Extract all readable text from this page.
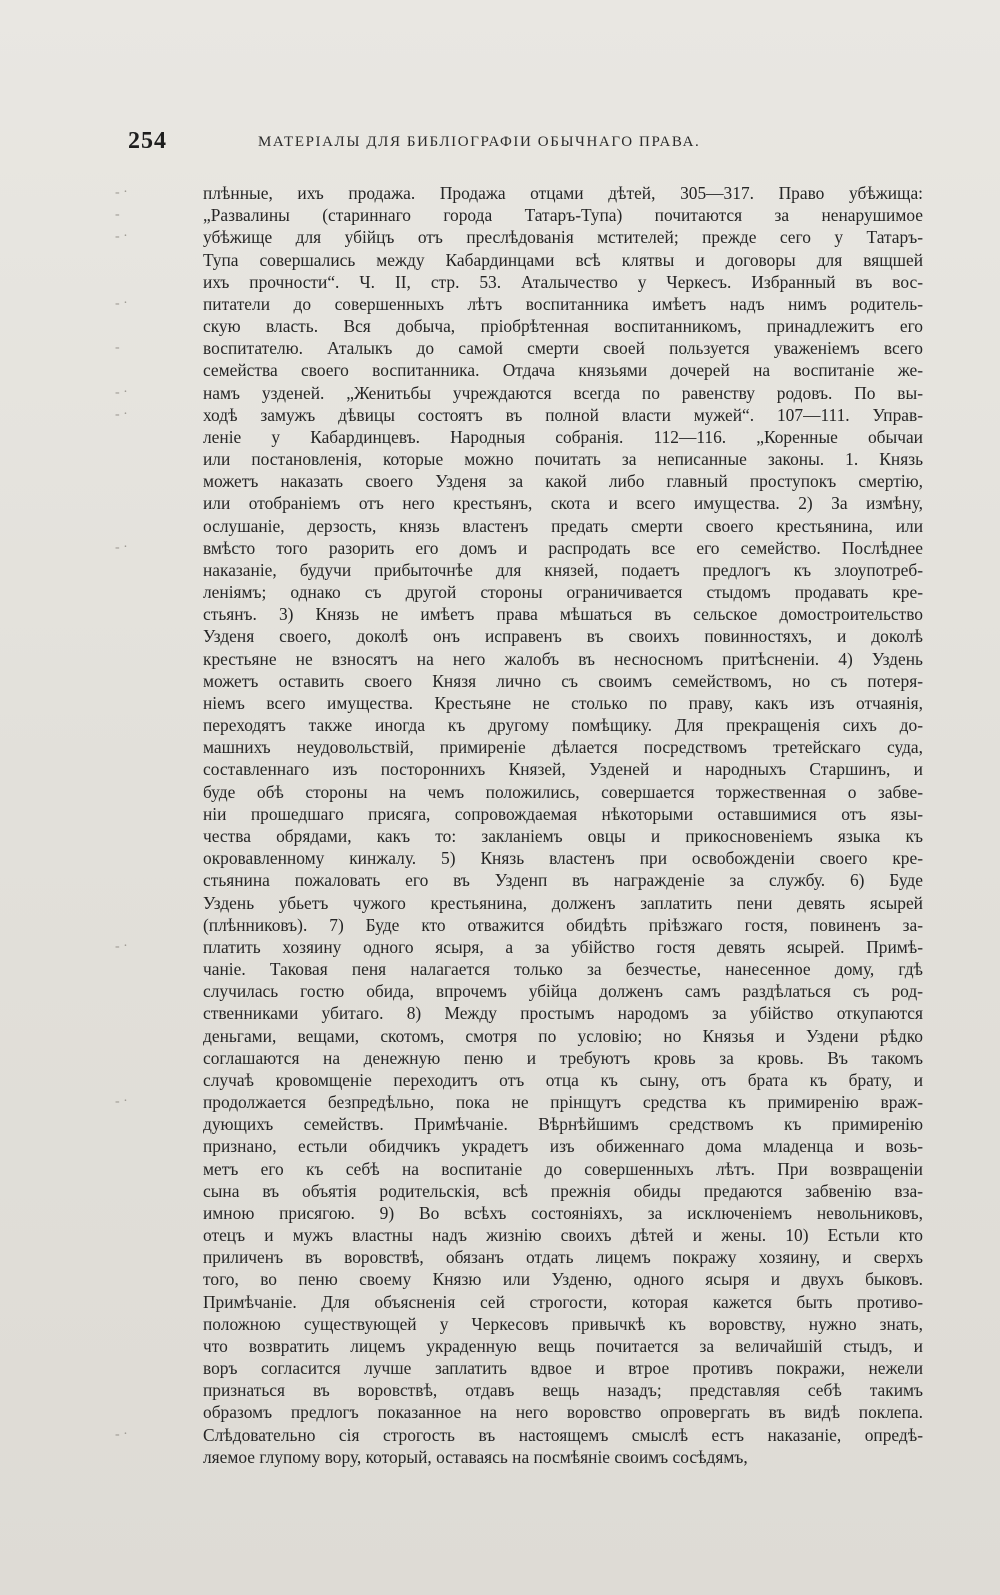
254	МАТЕРІАЛЫ ДЛЯ БИБЛІОГРАФІИ ОБЫЧНАГО ПРАВА.
- ·
-
- ·
- ·
-
- ·
- ·
- ·
- ·
- ·
- ·
плѣнные, ихъ продажа. Продажа отцами дѣтей, 305—317. Право убѣжища:
„Развалины (стариннаго города Татаръ-Тупа) почитаются за ненарушимое
убѣжище для убійцъ отъ преслѣдованія мстителей; прежде сего у Татаръ-
Тупа совершались между Кабардинцами всѣ клятвы и договоры для вящшей
ихъ прочности“. Ч. II, стр. 53. Аталычество у Черкесъ. Избранный въ вос-
питатели до совершенныхъ лѣтъ воспитанника имѣетъ надъ нимъ родитель-
скую власть. Вся добыча, пріобрѣтенная воспитанникомъ, принадлежитъ его
воспитателю. Аталыкъ до самой смерти своей пользуется уваженіемъ всего
семейства своего воспитанника. Отдача князьями дочерей на воспитаніе же-
намъ узденей. „Женитьбы учреждаются всегда по равенству родовъ. По вы-
ходѣ замужъ дѣвицы состоятъ въ полной власти мужей“. 107—111. Управ-
леніе у Кабардинцевъ. Народныя собранія. 112—116. „Коренные обычаи
или постановленія, которые можно почитать за неписанные законы. 1. Князь
можетъ наказать своего Узденя за какой либо главный проступокъ смертію,
или отобраніемъ отъ него крестьянъ, скота и всего имущества. 2) За измѣну,
ослушаніе, дерзость, князь властенъ предать смерти своего крестьянина, или
вмѣсто того разорить его домъ и распродать все его семейство. Послѣднее
наказаніе, будучи прибыточнѣе для князей, подаетъ предлогъ къ злоупотреб-
леніямъ; однако съ другой стороны ограничивается стыдомъ продавать кре-
стьянъ. 3) Князь не имѣетъ права мѣшаться въ сельское домостроительство
Узденя своего, доколѣ онъ исправенъ въ своихъ повинностяхъ, и доколѣ
крестьяне не взносятъ на него жалобъ въ несносномъ притѣсненіи. 4) Уздень
можетъ оставить своего Князя лично съ своимъ семействомъ, но съ потеря-
ніемъ всего имущества. Крестьяне не столько по праву, какъ изъ отчаянія,
переходятъ также иногда къ другому помѣщику. Для прекращенія сихъ до-
машнихъ неудовольствій, примиреніе дѣлается посредствомъ третейскаго суда,
составленнаго изъ постороннихъ Князей, Узденей и народныхъ Старшинъ, и
буде обѣ стороны на чемъ положились, совершается торжественная о забве-
ніи прошедшаго присяга, сопровождаемая нѣкоторыми оставшимися отъ язы-
чества обрядами, какъ то: закланіемъ овцы и прикосновеніемъ языка къ
окровавленному кинжалу. 5) Князь властенъ при освобожденіи своего кре-
стьянина пожаловать его въ Узденп въ награжденіе за службу. 6) Буде
Уздень убьетъ чужого крестьянина, долженъ заплатить пени девять ясырей
(плѣнниковъ). 7) Буде кто отважится обидѣть пріѣзжаго гостя, повиненъ за-
платить хозяину одного ясыря, а за убійство гостя девять ясырей. Примѣ-
чаніе. Таковая пеня налагается только за безчестье, нанесенное дому, гдѣ
случилась гостю обида, впрочемъ убійца долженъ самъ раздѣлаться съ род-
ственниками убитаго. 8) Между простымъ народомъ за убійство откупаются
деньгами, вещами, скотомъ, смотря по условію; но Князья и Уздени рѣдко
соглашаются на денежную пеню и требуютъ кровь за кровь. Въ такомъ
случаѣ кровомщеніе переходитъ отъ отца къ сыну, отъ брата къ брату, и
продолжается безпредѣльно, пока не прінщутъ средства къ примиренію враж-
дующихъ семействъ. Примѣчаніе. Вѣрнѣйшимъ средствомъ къ примиренію
признано, естьли обидчикъ украдетъ изъ обиженнаго дома младенца и возь-
метъ его къ себѣ на воспитаніе до совершенныхъ лѣтъ. При возвращеніи
сына въ объятія родительскія, всѣ прежнія обиды предаются забвенію вза-
имною присягою. 9) Во всѣхъ состояніяхъ, за исключеніемъ невольниковъ,
отецъ и мужъ властны надъ жизнію своихъ дѣтей и жены. 10) Естьли кто
приличенъ въ воровствѣ, обязанъ отдать лицемъ покражу хозяину, и сверхъ
того, во пеню своему Князю или Узденю, одного ясыря и двухъ быковъ.
Примѣчаніе. Для объясненія сей строгости, которая кажется быть противо-
положною существующей у Черкесовъ привычкѣ къ воровству, нужно знать,
что возвратить лицемъ украденную вещь почитается за величайшій стыдъ, и
воръ согласится лучше заплатить вдвое и втрое противъ покражи, нежели
признаться въ воровствѣ, отдавъ вещь назадъ; представляя себѣ такимъ
образомъ предлогъ показанное на него воровство опровергать въ видѣ поклепа.
Слѣдовательно сія строгость въ настоящемъ смыслѣ естъ наказаніе, опредѣ-
ляемое глупому вору, который, оставаясь на посмѣяніе своимъ сосѣдямъ,
